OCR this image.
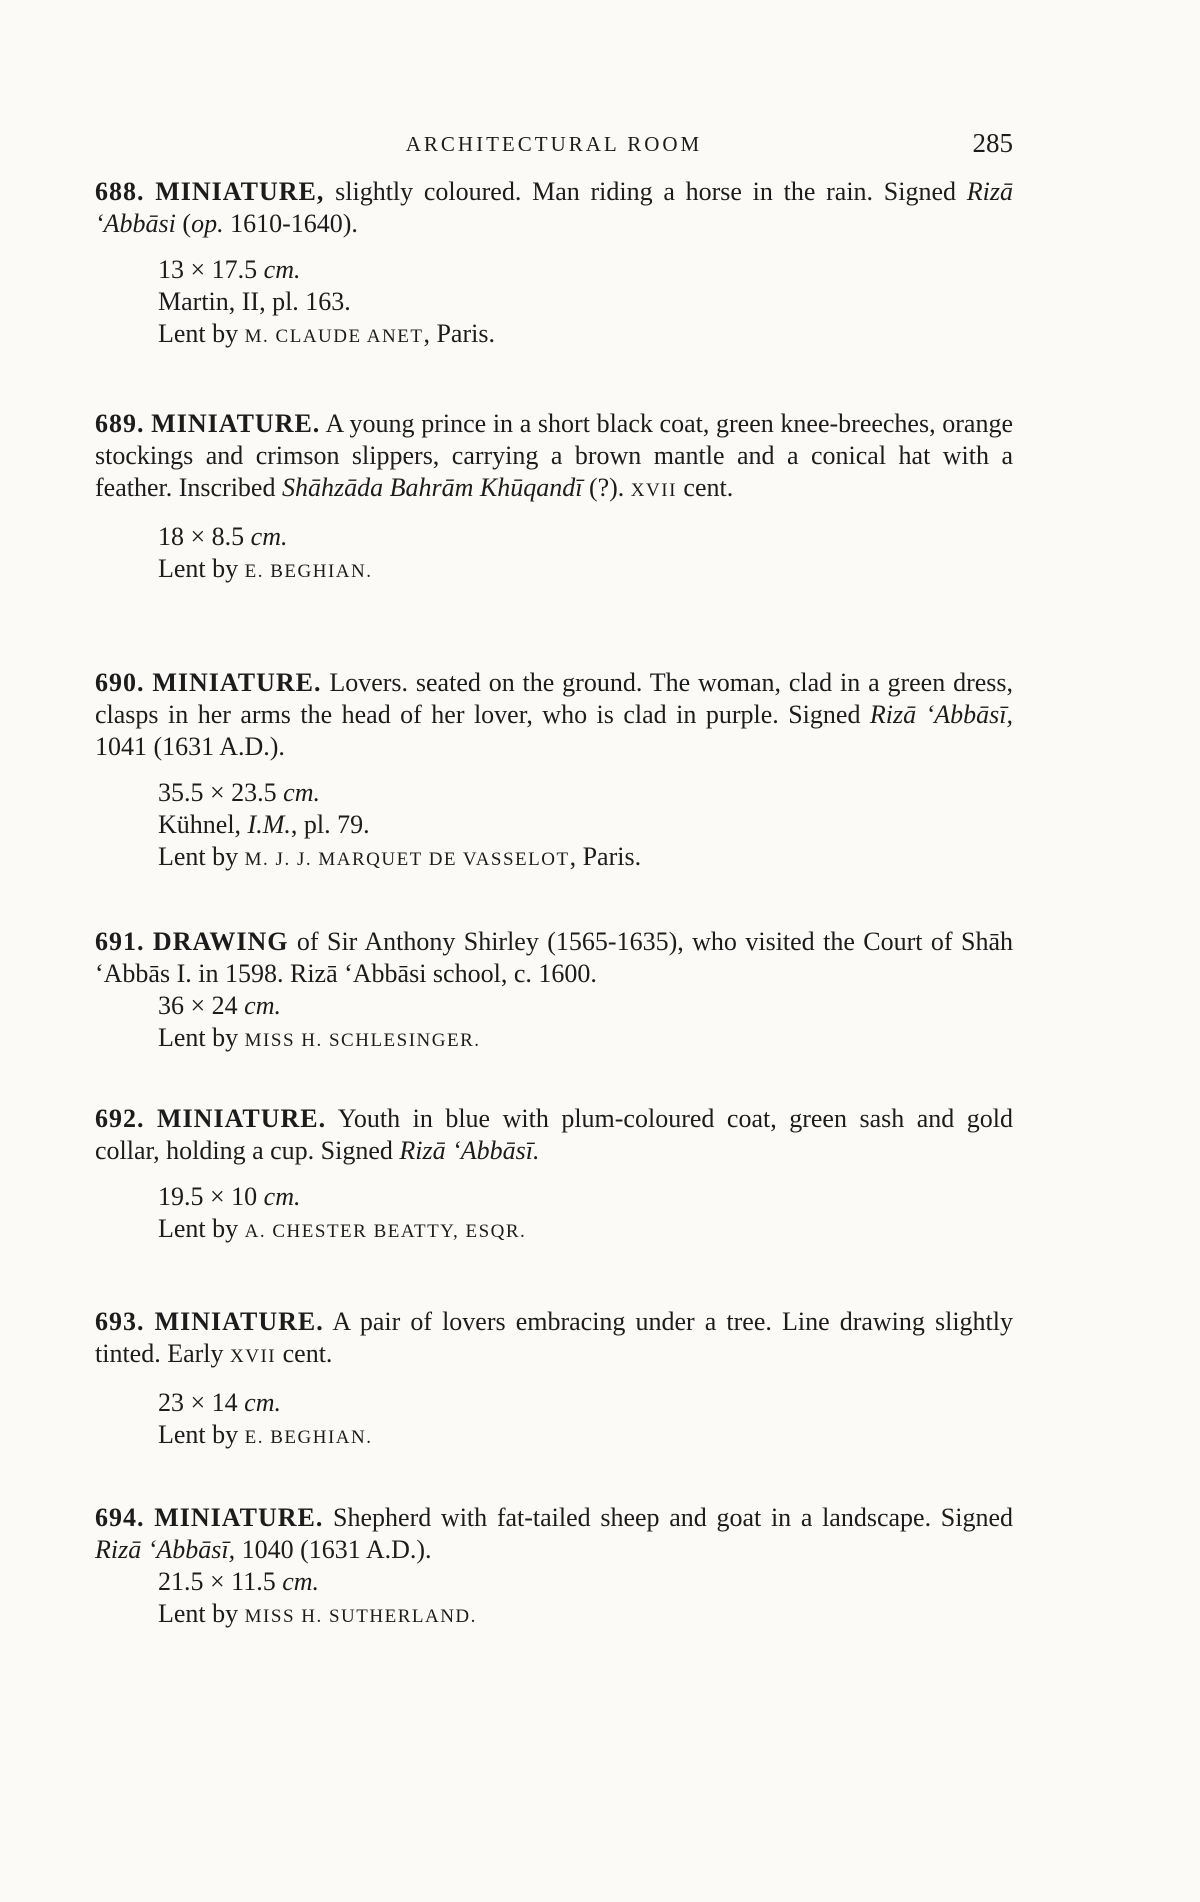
ARCHITECTURAL ROOM	285

688. MINIATURE, slightly coloured. Man riding a horse in the rain. Signed Rizā ‘Abbāsi (op. 1610-1640).

13 × 17.5 cm.

Martin, II, pl. 163.

Lent by M. CLAUDE ANET, Paris.

689. MINIATURE. A young prince in a short black coat, green knee-breeches, orange stockings and crimson slippers, carrying a brown mantle and a conical hat with a feather. Inscribed Shāhzāda Bahrām Khūqandī (?). XVII cent.

18 × 8.5 cm.

Lent by E. BEGHIAN.

690. MINIATURE. Lovers. seated on the ground. The woman, clad in a green dress, clasps in her arms the head of her lover, who is clad in purple. Signed Rizā ‘Abbāsī, 1041 (1631 A.D.).

35.5 × 23.5 cm.

Kühnel, I.M., pl. 79.

Lent by M. J. J. MARQUET DE VASSELOT, Paris.

691. DRAWING of Sir Anthony Shirley (1565-1635), who visited the Court of Shāh ‘Abbās I. in 1598. Rizā ‘Abbāsi school, c. 1600.

36 × 24 cm.

Lent by MISS H. SCHLESINGER.

692. MINIATURE. Youth in blue with plum-coloured coat, green sash and gold collar, holding a cup. Signed Rizā ‘Abbāsī.

19.5 × 10 cm.

Lent by A. CHESTER BEATTY, ESQR.

693. MINIATURE. A pair of lovers embracing under a tree. Line drawing slightly tinted. Early XVII cent.

23 × 14 cm.

Lent by E. BEGHIAN.

694. MINIATURE. Shepherd with fat-tailed sheep and goat in a landscape. Signed Rizā ‘Abbāsī, 1040 (1631 A.D.).

21.5 × 11.5 cm.

Lent by MISS H. SUTHERLAND.
